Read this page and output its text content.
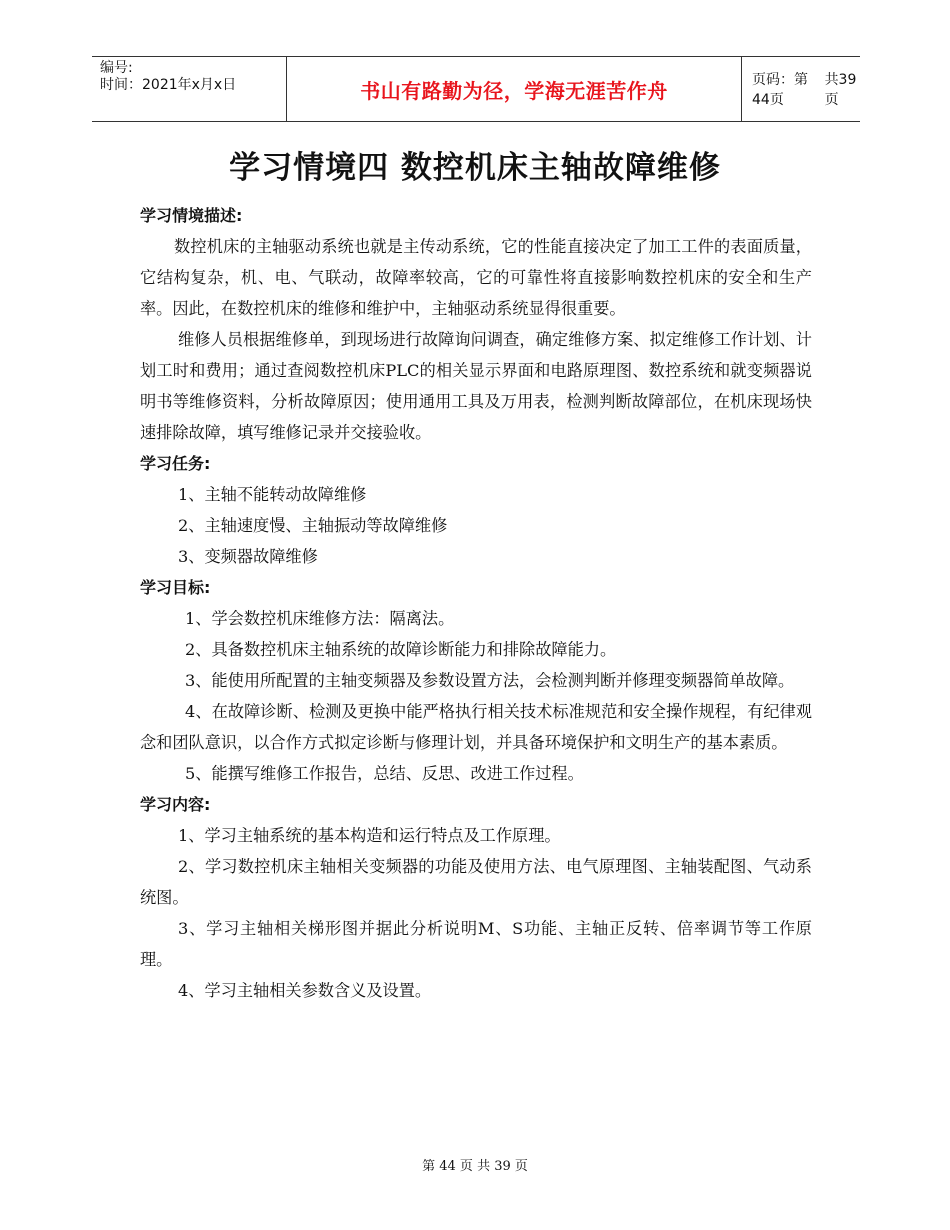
编号:
时间：2021年x月x日	书山有路勤为径，学海无涯苦作舟	页码：第44页
共39页
学习情境四 数控机床主轴故障维修
学习情境描述:
数控机床的主轴驱动系统也就是主传动系统，它的性能直接决定了加工工件的表面质量，它结构复杂，机、电、气联动，故障率较高，它的可靠性将直接影响数控机床的安全和生产率。因此，在数控机床的维修和维护中，主轴驱动系统显得很重要。
维修人员根据维修单，到现场进行故障询问调查，确定维修方案、拟定维修工作计划、计划工时和费用；通过查阅数控机床PLC的相关显示界面和电路原理图、数控系统和就变频器说明书等维修资料，分析故障原因；使用通用工具及万用表，检测判断故障部位，在机床现场快速排除故障，填写维修记录并交接验收。
学习任务:
1、主轴不能转动故障维修
2、主轴速度慢、主轴振动等故障维修
3、变频器故障维修
学习目标:
1、学会数控机床维修方法：隔离法。
2、具备数控机床主轴系统的故障诊断能力和排除故障能力。
3、能使用所配置的主轴变频器及参数设置方法，会检测判断并修理变频器简单故障。
4、在故障诊断、检测及更换中能严格执行相关技术标准规范和安全操作规程，有纪律观念和团队意识，以合作方式拟定诊断与修理计划，并具备环境保护和文明生产的基本素质。
5、能撰写维修工作报告，总结、反思、改进工作过程。
学习内容:
1、学习主轴系统的基本构造和运行特点及工作原理。
2、学习数控机床主轴相关变频器的功能及使用方法、电气原理图、主轴装配图、气动系统图。
3、学习主轴相关梯形图并据此分析说明M、S功能、主轴正反转、倍率调节等工作原理。
4、学习主轴相关参数含义及设置。
第 44 页 共 39 页
